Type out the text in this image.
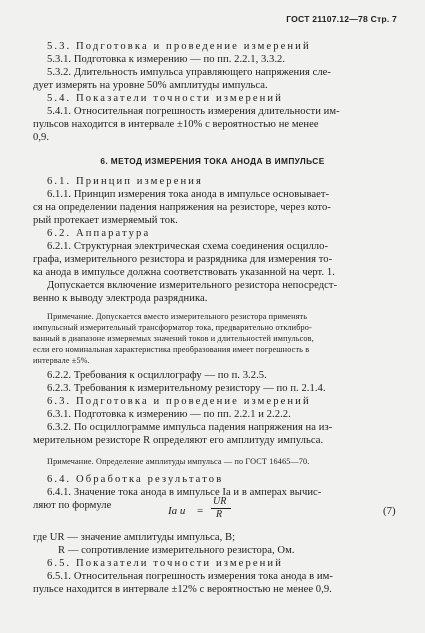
ГОСТ 21107.12—78 Стр. 7
5.3. Подготовка и проведение измерений
5.3.1. Подготовка к измерению — по пп. 2.2.1, 3.3.2.
5.3.2. Длительность импульса управляющего напряжения сле-
дует измерять на уровне 50% амплитуды импульса.
5.4. Показатели точности измерений
5.4.1. Относительная погрешность измерения длительности им-
пульсов находится в интервале ±10% с вероятностью не менее
0,9.
6. МЕТОД ИЗМЕРЕНИЯ ТОКА АНОДА В ИМПУЛЬСЕ
6.1. Принцип измерения
6.1.1. Принцип измерения тока анода в импульсе основывает-
ся на определении падения напряжения на резисторе, через кото-
рый протекает измеряемый ток.
6.2. Аппаратура
6.2.1. Структурная электрическая схема соединения осцилло-
графа, измерительного резистора и разрядника для измерения то-
ка анода в импульсе должна соответствовать указанной на черт. 1.
Допускается включение измерительного резистора непосредст-
венно к выводу электрода разрядника.
Примечание. Допускается вместо измерительного резистора применять
импульсный измерительный трансформатор тока, предварительно отклибро-
ванный в диапазоне измеряемых значений токов и длительностей импульсов,
если его номинальная характеристика преобразования имеет погрешность в
интервале ±5%.
6.2.2. Требования к осциллографу — по п. 3.2.5.
6.2.3. Требования к измерительному резистору — по п. 2.1.4.
6.3. Подготовка и проведение измерений
6.3.1. Подготовка к измерению — по пп. 2.2.1 и 2.2.2.
6.3.2. По осциллограмме импульса падения напряжения на из-
мерительном резисторе R определяют его амплитуду импульса.
Примечание. Определение амплитуды импульса — по ГОСТ 16465—70.
6.4. Обработка результатов
6.4.1. Значение тока анода в импульсе Iа и в амперах вычис-
ляют по формуле	Iа и =
UR
R	(7)
где UR — значение амплитуды импульса, В;
R — сопротивление измерительного резистора, Ом.
6.5. Показатели точности измерений
6.5.1. Относительная погрешность измерения тока анода в им-
пульсе находится в интервале ±12% с вероятностью не менее 0,9.
